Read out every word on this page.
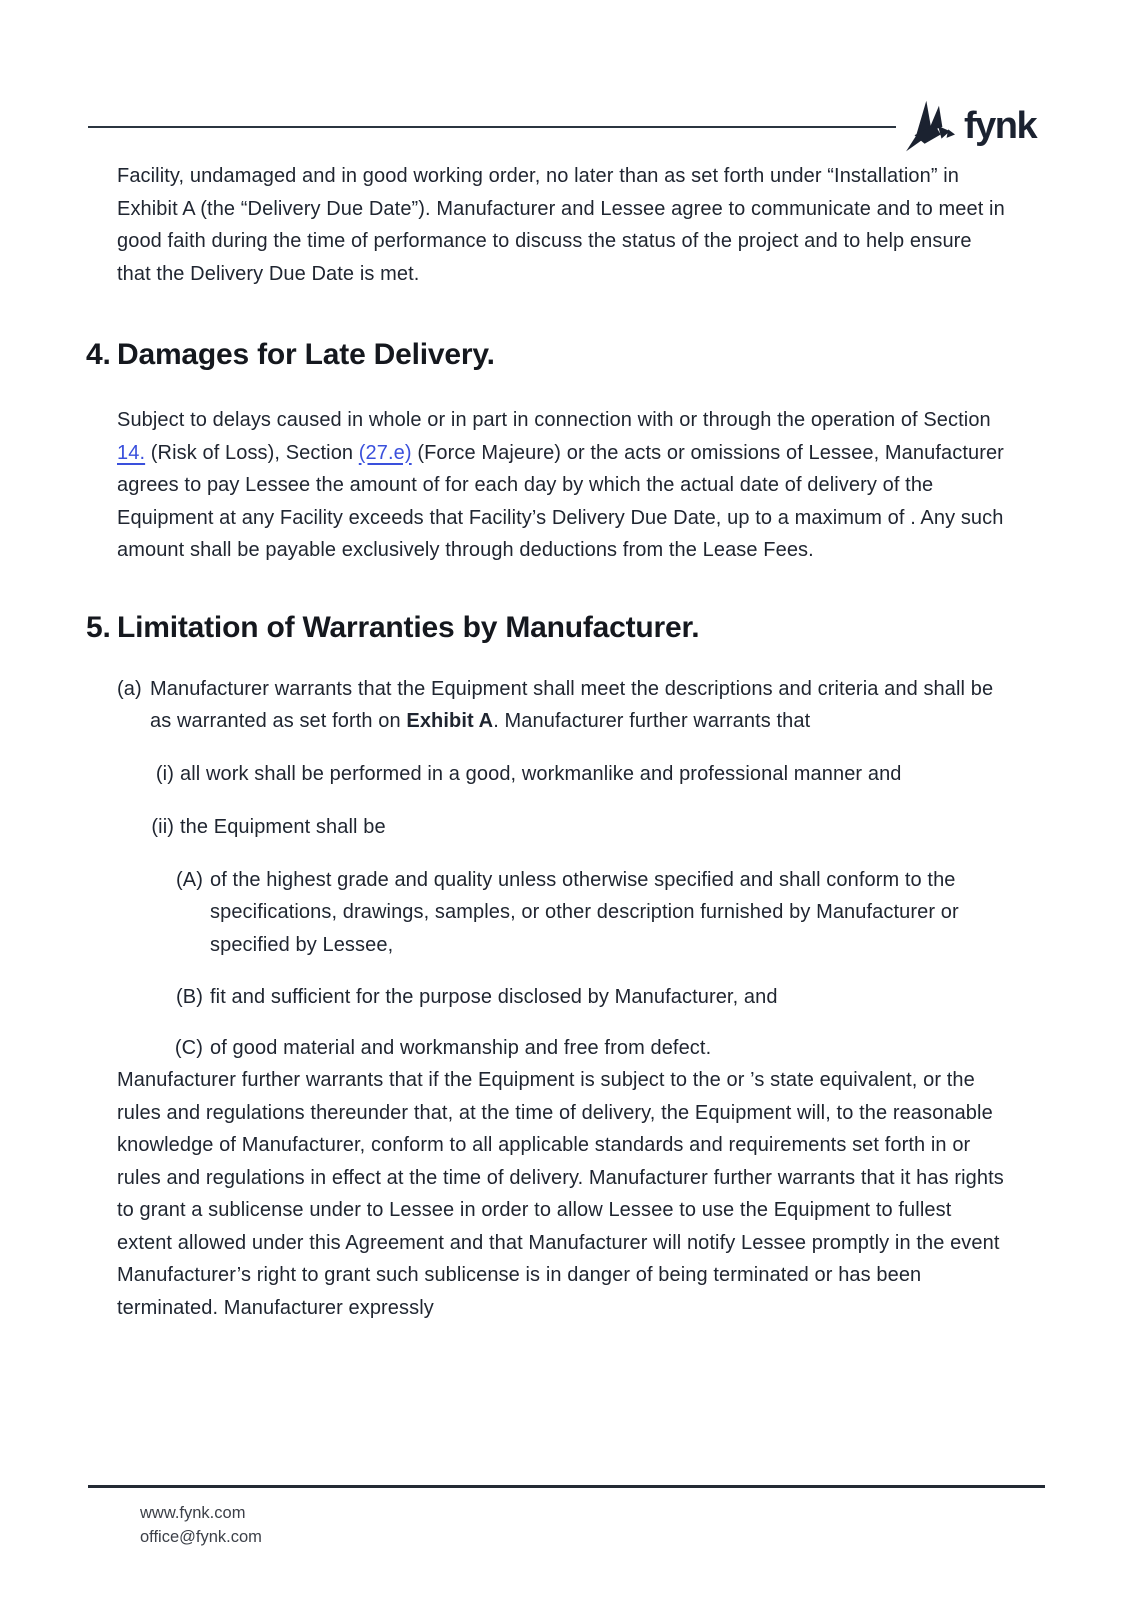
fynk

Facility, undamaged and in good working order, no later than as set forth under “Installation” in Exhibit A (the “Delivery Due Date”). Manufacturer and Lessee agree to communicate and to meet in good faith during the time of performance to discuss the status of the project and to help ensure that the Delivery Due Date is met.

4. Damages for Late Delivery.

Subject to delays caused in whole or in part in connection with or through the operation of Section 14. (Risk of Loss), Section (27.e) (Force Majeure) or the acts or omissions of Lessee, Manufacturer agrees to pay Lessee the amount of for each day by which the actual date of delivery of the Equipment at any Facility exceeds that Facility’s Delivery Due Date, up to a maximum of . Any such amount shall be payable exclusively through deductions from the Lease Fees.

5. Limitation of Warranties by Manufacturer.
(a) Manufacturer warrants that the Equipment shall meet the descriptions and criteria and shall be as warranted as set forth on Exhibit A. Manufacturer further warrants that
(i) all work shall be performed in a good, workmanlike and professional manner and
(ii) the Equipment shall be
(A) of the highest grade and quality unless otherwise specified and shall conform to the specifications, drawings, samples, or other description furnished by Manufacturer or specified by Lessee,
(B) fit and sufficient for the purpose disclosed by Manufacturer, and
(C) of good material and workmanship and free from defect.

Manufacturer further warrants that if the Equipment is subject to the or ’s state equivalent, or the rules and regulations thereunder that, at the time of delivery, the Equipment will, to the reasonable knowledge of Manufacturer, conform to all applicable standards and requirements set forth in or rules and regulations in effect at the time of delivery. Manufacturer further warrants that it has rights to grant a sublicense under to Lessee in order to allow Lessee to use the Equipment to fullest extent allowed under this Agreement and that Manufacturer will notify Lessee promptly in the event Manufacturer’s right to grant such sublicense is in danger of being terminated or has been terminated. Manufacturer expressly

www.fynk.com
office@fynk.com
